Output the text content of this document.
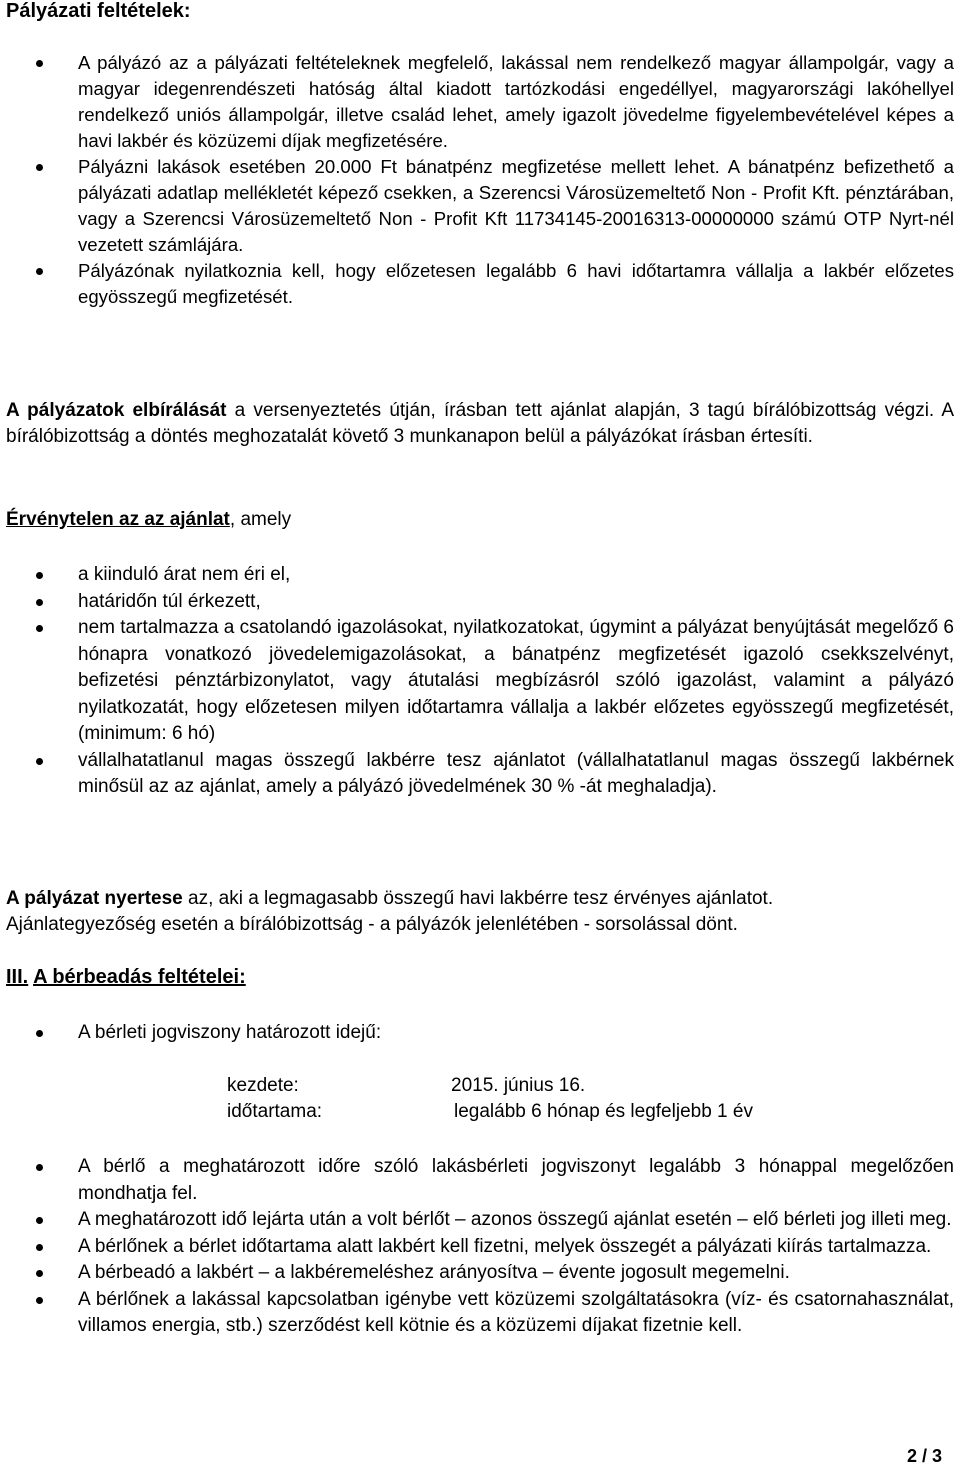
Pályázati feltételek:

A pályázó az a pályázati feltételeknek megfelelő, lakással nem rendelkező magyar állampolgár, vagy a magyar idegenrendészeti hatóság által kiadott tartózkodási engedéllyel, magyarországi lakóhellyel rendelkező uniós állampolgár, illetve család lehet, amely igazolt jövedelme figyelembevételével képes a havi lakbér és közüzemi díjak megfizetésére.
Pályázni lakások esetében 20.000 Ft bánatpénz megfizetése mellett lehet. A bánatpénz befizethető a pályázati adatlap mellékletét képező csekken, a Szerencsi Városüzemeltető Non - Profit Kft. pénztárában, vagy a Szerencsi Városüzemeltető Non - Profit Kft 11734145-20016313-00000000 számú OTP Nyrt-nél vezetett számlájára.
Pályázónak nyilatkoznia kell, hogy előzetesen legalább 6 havi időtartamra vállalja a lakbér előzetes egyösszegű megfizetését.

A pályázatok elbírálását a versenyeztetés útján, írásban tett ajánlat alapján, 3 tagú bírálóbizottság végzi. A bírálóbizottság a döntés meghozatalát követő 3 munkanapon belül a pályázókat írásban értesíti.

Érvénytelen az az ajánlat, amely

a kiinduló árat nem éri el,
határidőn túl érkezett,
nem tartalmazza a csatolandó igazolásokat, nyilatkozatokat, úgymint a pályázat benyújtását megelőző 6 hónapra vonatkozó jövedelemigazolásokat, a bánatpénz megfizetését igazoló csekkszelvényt, befizetési pénztárbizonylatot, vagy átutalási megbízásról szóló igazolást, valamint a pályázó nyilatkozatát, hogy előzetesen milyen időtartamra vállalja a lakbér előzetes egyösszegű megfizetését, (minimum: 6 hó)
vállalhatatlanul magas összegű lakbérre tesz ajánlatot (vállalhatatlanul magas összegű lakbérnek minősül az az ajánlat, amely a pályázó jövedelmének 30 % -át meghaladja).

A pályázat nyertese az, aki a legmagasabb összegű havi lakbérre tesz érvényes ajánlatot.

Ajánlategyezőség esetén a bírálóbizottság - a pályázók jelenlétében - sorsolással dönt.

III. A bérbeadás feltételei:

A bérleti jogviszony határozott idejű:
kezdete:	2015. június 16.
időtartama:	legalább 6 hónap és legfeljebb 1 év
A bérlő a meghatározott időre szóló lakásbérleti jogviszonyt legalább 3 hónappal megelőzően mondhatja fel.
A meghatározott idő lejárta után a volt bérlőt – azonos összegű ajánlat esetén – elő bérleti jog illeti meg.
A bérlőnek a bérlet időtartama alatt lakbért kell fizetni, melyek összegét a pályázati kiírás tartalmazza.
A bérbeadó a lakbért – a lakbéremeléshez arányosítva – évente jogosult megemelni.
A bérlőnek a lakással kapcsolatban igénybe vett közüzemi szolgáltatásokra (víz- és csatornahasználat, villamos energia, stb.) szerződést kell kötnie és a közüzemi díjakat fizetnie kell.
2 / 3
